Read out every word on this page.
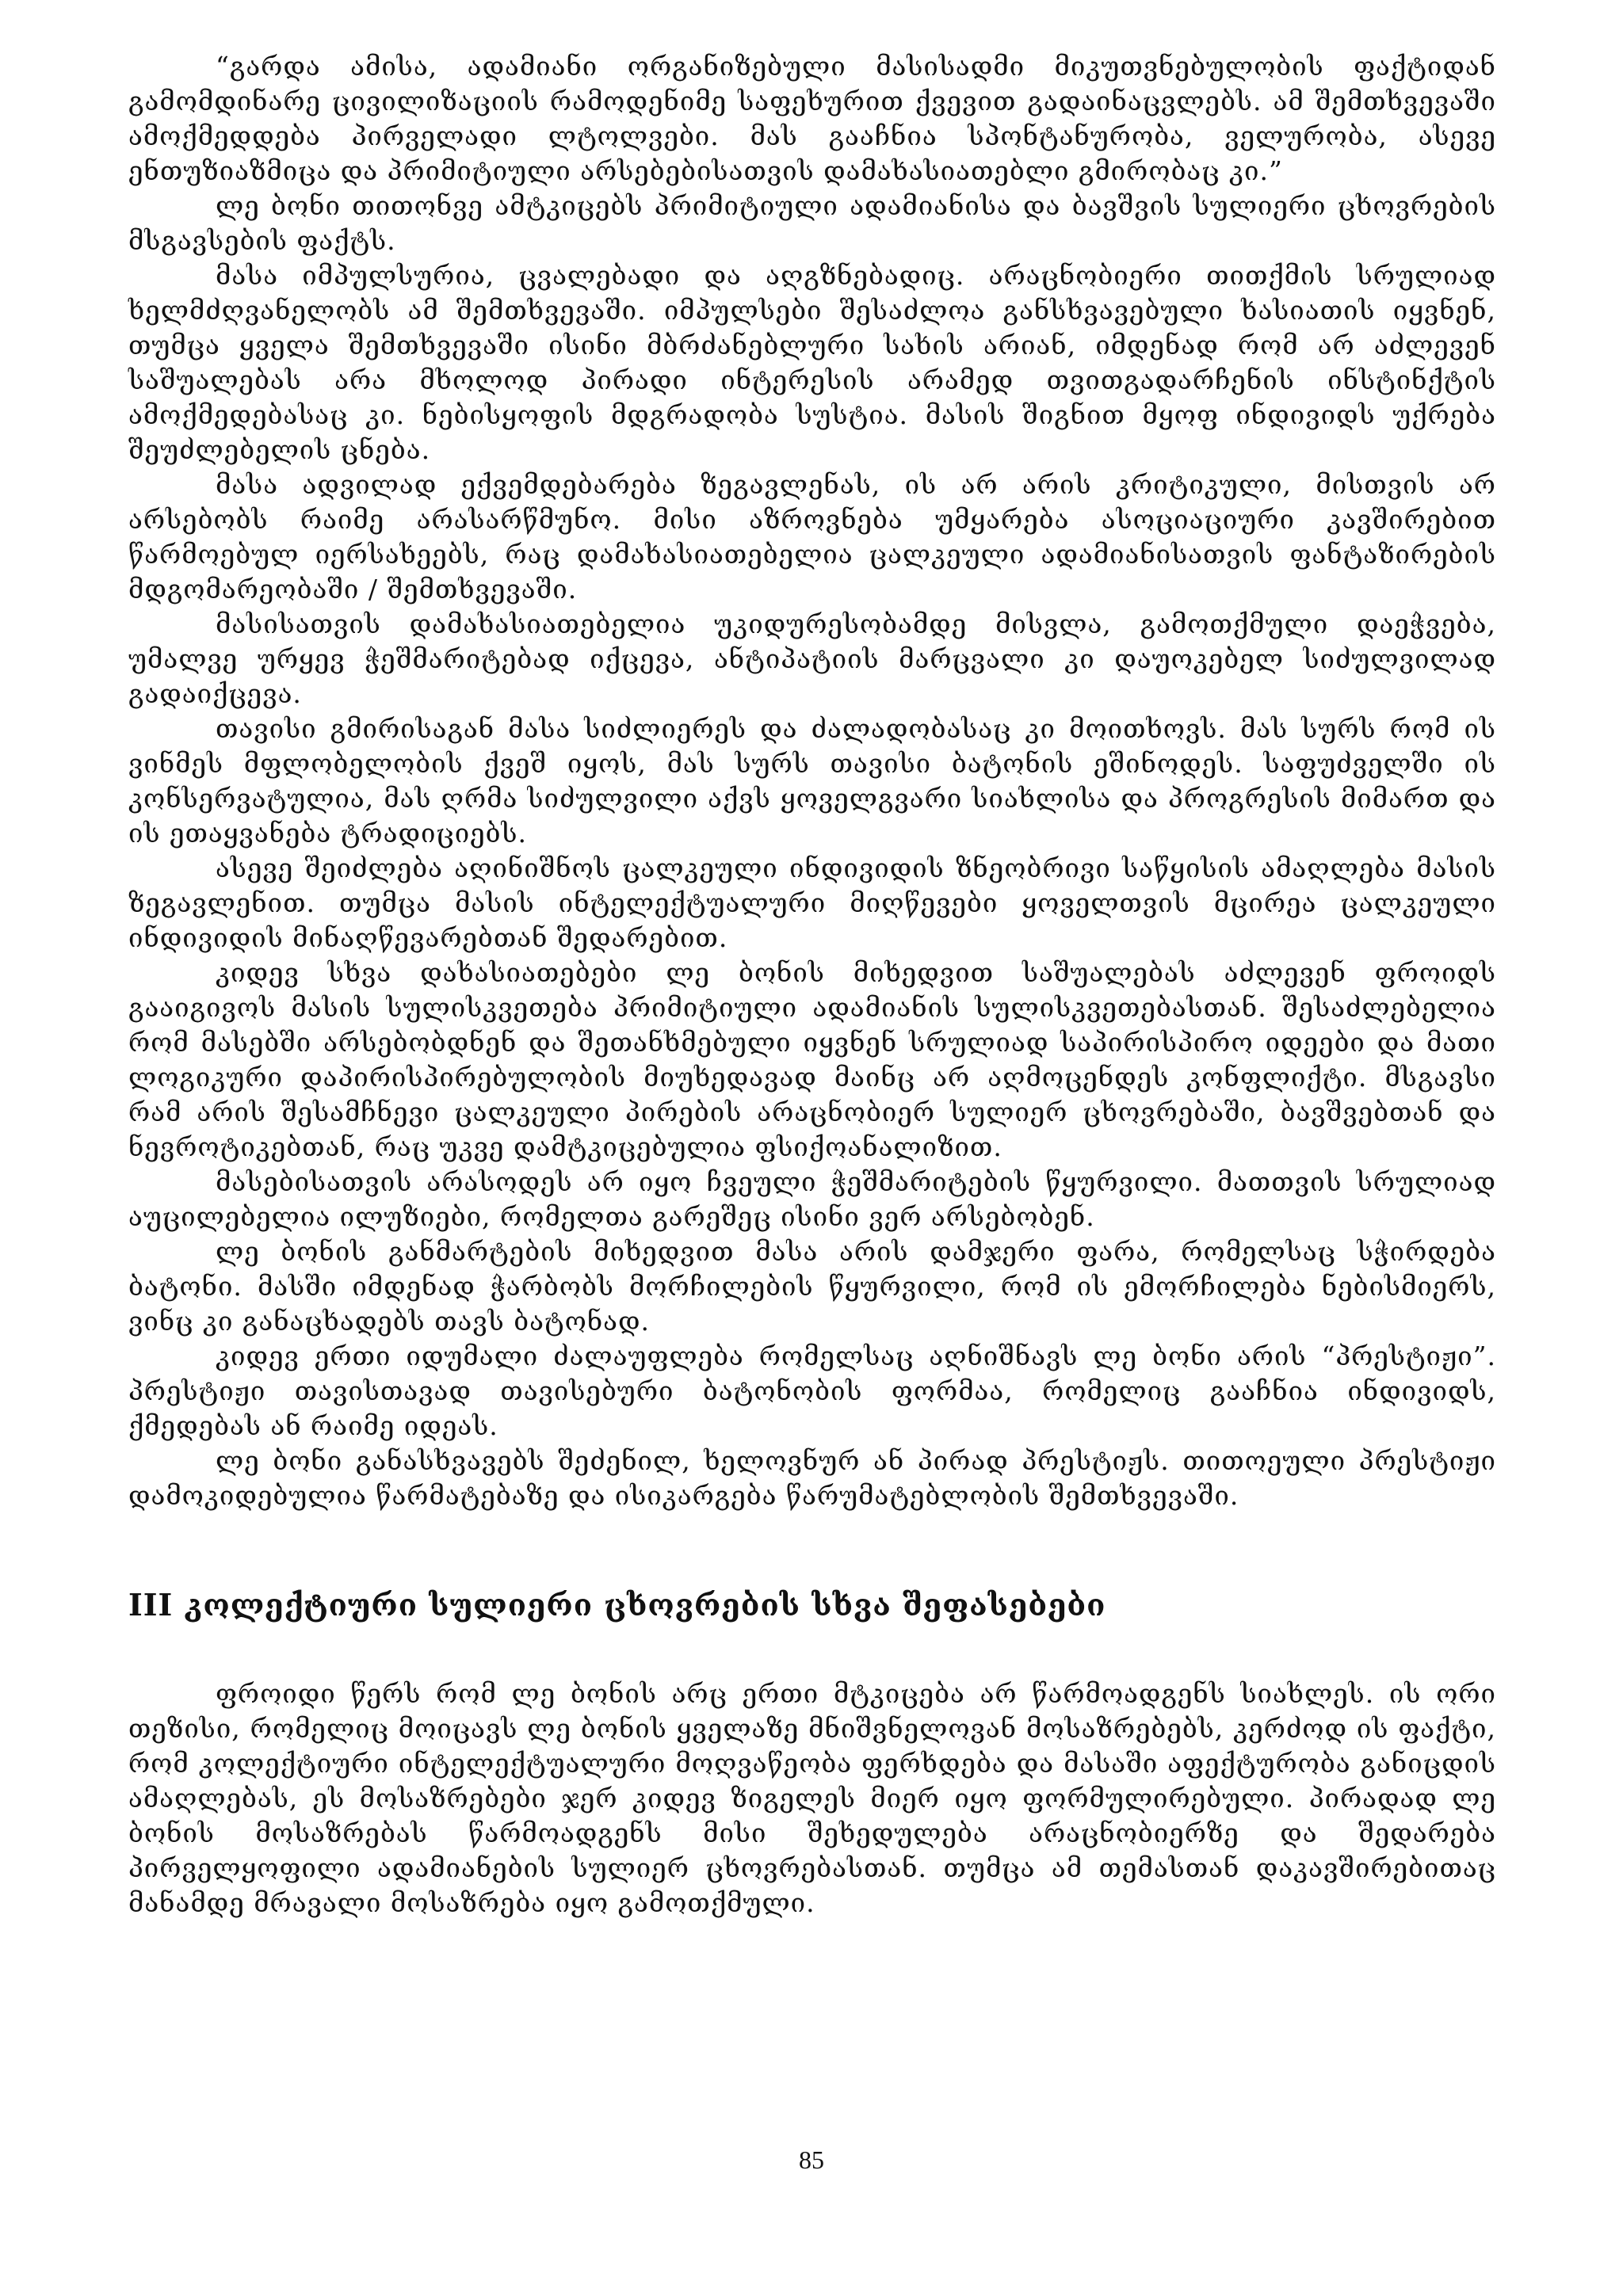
“გარდა ამისა, ადამიანი ორგანიზებული მასისადმი მიკუთვნებულობის ფაქტიდან გამომდინარე ცივილიზაციის რამოდენიმე საფეხურით ქვევით გადაინაცვლებს. ამ შემთხვევაში ამოქმედდება პირველადი ლტოლვები. მას გააჩნია სპონტანურობა, ველურობა, ასევე ენთუზიაზმიცა და პრიმიტიული არსებებისათვის დამახასიათებლი გმირობაც კი.”

ლე ბონი თითონვე ამტკიცებს პრიმიტიული ადამიანისა და ბავშვის სულიერი ცხოვრების მსგავსების ფაქტს.

მასა იმპულსურია, ცვალებადი და აღგზნებადიც. არაცნობიერი თითქმის სრულიად ხელმძღვანელობს ამ შემთხვევაში. იმპულსები შესაძლოა განსხვავებული ხასიათის იყვნენ, თუმცა ყველა შემთხვევაში ისინი მბრძანებლური სახის არიან, იმდენად რომ არ აძლევენ საშუალებას არა მხოლოდ პირადი ინტერესის არამედ თვითგადარჩენის ინსტინქტის ამოქმედებასაც კი. ნებისყოფის მდგრადობა სუსტია. მასის შიგნით მყოფ ინდივიდს უქრება შეუძლებელის ცნება.

მასა ადვილად ექვემდებარება ზეგავლენას, ის არ არის კრიტიკული, მისთვის არ არსებობს რაიმე არასარწმუნო. მისი აზროვნება უმყარება ასოციაციური კავშირებით წარმოებულ იერსახეებს, რაც დამახასიათებელია ცალკეული ადამიანისათვის ფანტაზირების მდგომარეობაში / შემთხვევაში.

მასისათვის დამახასიათებელია უკიდურესობამდე მისვლა, გამოთქმული დაეჭვება, უმალვე ურყევ ჭეშმარიტებად იქცევა, ანტიპატიის მარცვალი კი დაუოკებელ სიძულვილად გადაიქცევა.

თავისი გმირისაგან მასა სიძლიერეს და ძალადობასაც კი მოითხოვს. მას სურს რომ ის ვინმეს მფლობელობის ქვეშ იყოს, მას სურს თავისი ბატონის ეშინოდეს. საფუძველში ის კონსერვატულია, მას ღრმა სიძულვილი აქვს ყოველგვარი სიახლისა და პროგრესის მიმართ და ის ეთაყვანება ტრადიციებს.

ასევე შეიძლება აღინიშნოს ცალკეული ინდივიდის ზნეობრივი საწყისის ამაღლება მასის ზეგავლენით. თუმცა მასის ინტელექტუალური მიღწევები ყოველთვის მცირეა ცალკეული ინდივიდის მინაღწევარებთან შედარებით.

კიდევ სხვა დახასიათებები ლე ბონის მიხედვით საშუალებას აძლევენ ფროიდს გააიგივოს მასის სულისკვეთება პრიმიტიული ადამიანის სულისკვეთებასთან. შესაძლებელია რომ მასებში არსებობდნენ და შეთანხმებული იყვნენ სრულიად საპირისპირო იდეები და მათი ლოგიკური დაპირისპირებულობის მიუხედავად მაინც არ აღმოცენდეს კონფლიქტი. მსგავსი რამ არის შესამჩნევი ცალკეული პირების არაცნობიერ სულიერ ცხოვრებაში, ბავშვებთან და ნევროტიკებთან, რაც უკვე დამტკიცებულია ფსიქოანალიზით.

მასებისათვის არასოდეს არ იყო ჩვეული ჭეშმარიტების წყურვილი. მათთვის სრულიად აუცილებელია ილუზიები, რომელთა გარეშეც ისინი ვერ არსებობენ.

ლე ბონის განმარტების მიხედვით მასა არის დამჯერი ფარა, რომელსაც სჭირდება ბატონი. მასში იმდენად ჭარბობს მორჩილების წყურვილი, რომ ის ემორჩილება ნებისმიერს, ვინც კი განაცხადებს თავს ბატონად.

კიდევ ერთი იდუმალი ძალაუფლება რომელსაც აღნიშნავს ლე ბონი არის “პრესტიჟი”. პრესტიჟი თავისთავად თავისებური ბატონობის ფორმაა, რომელიც გააჩნია ინდივიდს, ქმედებას ან რაიმე იდეას.

ლე ბონი განასხვავებს შეძენილ, ხელოვნურ ან პირად პრესტიჟს. თითოეული პრესტიჟი დამოკიდებულია წარმატებაზე და ისიკარგება წარუმატებლობის შემთხვევაში.

III კოლექტიური სულიერი ცხოვრების სხვა შეფასებები

ფროიდი წერს რომ ლე ბონის არც ერთი მტკიცება არ წარმოადგენს სიახლეს. ის ორი თეზისი, რომელიც მოიცავს ლე ბონის ყველაზე მნიშვნელოვან მოსაზრებებს, კერძოდ ის ფაქტი, რომ კოლექტიური ინტელექტუალური მოღვაწეობა ფერხდება და მასაში აფექტურობა განიცდის ამაღლებას, ეს მოსაზრებები ჯერ კიდევ ზიგელეს მიერ იყო ფორმულირებული. პირადად ლე ბონის მოსაზრებას წარმოადგენს მისი შეხედულება არაცნობიერზე და შედარება პირველყოფილი ადამიანების სულიერ ცხოვრებასთან. თუმცა ამ თემასთან დაკავშირებითაც მანამდე მრავალი მოსაზრება იყო გამოთქმული.

85
